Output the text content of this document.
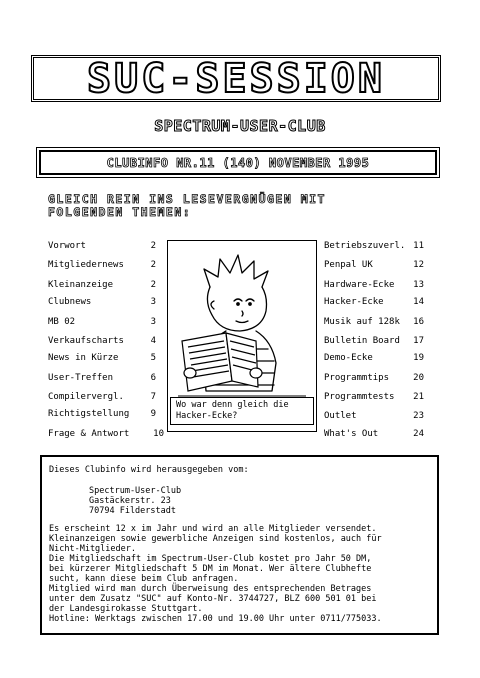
SUC-SESSION
SPECTRUM-USER-CLUB
CLUBINFO NR.11 (140) NOVEMBER 1995
GLEICH REIN INS LESEVERGNÜGEN MIT
FOLGENDEN THEMEN:
Vorwort	2
Mitgliedernews	2
Kleinanzeige	2
Clubnews	3
MB 02	3
Verkaufscharts	4
News in Kürze	5
User-Treffen	6
Compilervergl.	7
Richtigstellung 9
Frage & Antwort	10
Betriebszuverl. 11
Penpal UK	12
Hardware-Ecke 13
Hacker-Ecke	14
Musik auf 128k 16
Bulletin Board 17
Demo-Ecke	19
Programmtips	20
Programmtests 21
Outlet	23
What's Out	24
Wo war denn gleich die
Hacker-Ecke?
Dieses Clubinfo wird herausgegeben vom:
Spectrum-User-Club
Gastäckerstr. 23
70794 Filderstadt
Es erscheint 12 x im Jahr und wird an alle Mitglieder versendet.
Kleinanzeigen sowie gewerbliche Anzeigen sind kostenlos, auch für
Nicht-Mitglieder.
Die Mitgliedschaft im Spectrum-User-Club kostet pro Jahr 50 DM,
bei kürzerer Mitgliedschaft 5 DM im Monat. Wer ältere Clubhefte
sucht, kann diese beim Club anfragen.
Mitglied wird man durch Überweisung des entsprechenden Betrages
unter dem Zusatz "SUC" auf Konto-Nr. 3744727, BLZ 600 501 01 bei
der Landesgirokasse Stuttgart.
Hotline: Werktags zwischen 17.00 und 19.00 Uhr unter 0711/775033.
